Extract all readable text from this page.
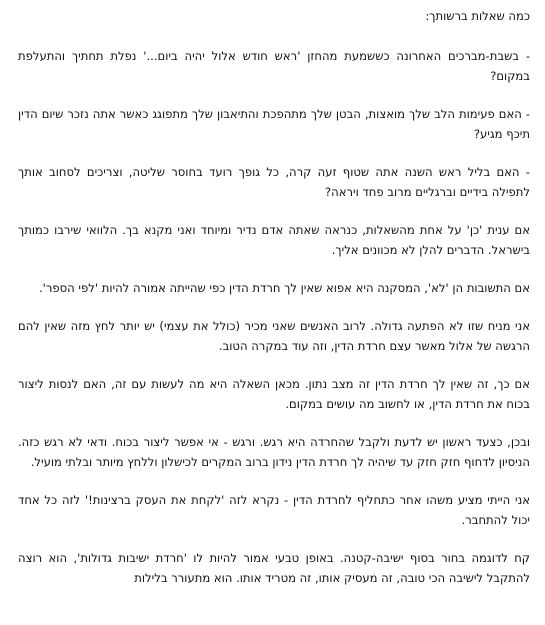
כמה שאלות ברשותך:

- בשבת-מברכים האחרונה כששמעת מהחזן 'ראש חודש אלול יהיה ביום...' נפלת תחתיך והתעלפת במקום?

- האם פעימות הלב שלך מואצות, הבטן שלך מתהפכת והתיאבון שלך מתפוגג כאשר אתה נזכר שיום הדין תיכף מגיע?

- האם בליל ראש השנה אתה שטוף זעה קרה, כל גופך רועד בחוסר שליטה, וצריכים לסחוב אותך לתפילה בידיים וברגליים מרוב פחד ויראה?

אם ענית 'כן' על אחת מהשאלות, כנראה שאתה אדם נדיר ומיוחד ואני מקנא בך. הלוואי שירבו כמותך בישראל. הדברים להלן לא מכוונים אליך.

אם התשובות הן 'לא', המסקנה היא אפוא שאין לך חרדת הדין כפי שהייתה אמורה להיות 'לפי הספר'.

אני מניח שזו לא הפתעה גדולה. לרוב האנשים שאני מכיר (כולל את עצמי) יש יותר לחץ מזה שאין להם הרגשה של אלול מאשר עצם חרדת הדין, וזה עוד במקרה הטוב.

אם כך, זה שאין לך חרדת הדין זה מצב נתון. מכאן השאלה היא מה לעשות עם זה, האם לנסות ליצור בכוח את חרדת הדין, או לחשוב מה עושים במקום.

ובכן, כצעד ראשון יש לדעת ולקבל שהחרדה היא רגש. ורגש - אי אפשר ליצור בכוח. ודאי לא רגש כזה. הניסיון לדחוף חזק חזק עד שיהיה לך חרדת הדין נידון ברוב המקרים לכישלון וללחץ מיותר ובלתי מועיל.

אני הייתי מציע משהו אחר כתחליף לחרדת הדין - נקרא לזה 'לקחת את העסק ברצינות!' לזה כל אחד יכול להתחבר.

קח לדוגמה בחור בסוף ישיבה-קטנה. באופן טבעי אמור להיות לו 'חרדת ישיבות גדולות', הוא רוצה להתקבל לישיבה הכי טובה, זה מעסיק אותו, זה מטריד אותו. הוא מתעורר בלילות
